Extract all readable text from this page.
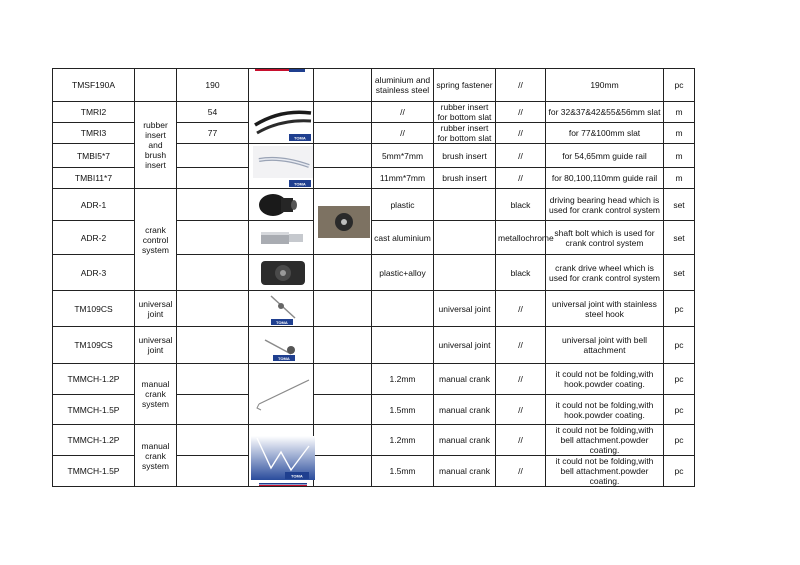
TMSF190A		190			aluminium and stainless steel	spring fastener	//	190mm	pc
TMRI2	rubber insert and brush insert	54	TOMA		//	rubber insert for bottom slat	//	for 32&37&42&55&56mm slat	m
TMRI3		77			//	rubber insert for bottom slat	//	for 77&100mm slat	m
TMBI5*7			TOMA		5mm*7mm	brush insert	//	for 54,65mm guide rail	m
TMBI11*7					11mm*7mm	brush insert	//	for 80,100,110mm guide rail	m
ADR-1	crank control system				plastic		black	driving bearing head which is used for crank control system	set
ADR-2					cast aluminium		metallochrome	shaft bolt which is used for crank control system	set
ADR-3					plastic+alloy		black	crank drive wheel which is used for crank control system	set
TM109CS	universal joint		TOMA			universal joint	//	universal joint with stainless steel hook	pc
TM109CS	universal joint		TOMA			universal joint	//	universal joint with bell attachment	pc
TMMCH-1.2P	manual crank system				1.2mm	manual crank	//	it could not be folding,with hook.powder coating.	pc
TMMCH-1.5P					1.5mm	manual crank	//	it could not be folding,with hook.powder coating.	pc
TMMCH-1.2P	manual crank system		TOMA		1.2mm	manual crank	//	it could not be folding,with bell attachment.powder coating.	pc
TMMCH-1.5P					1.5mm	manual crank	//	it could not be folding,with bell attachment.powder coating.	pc
